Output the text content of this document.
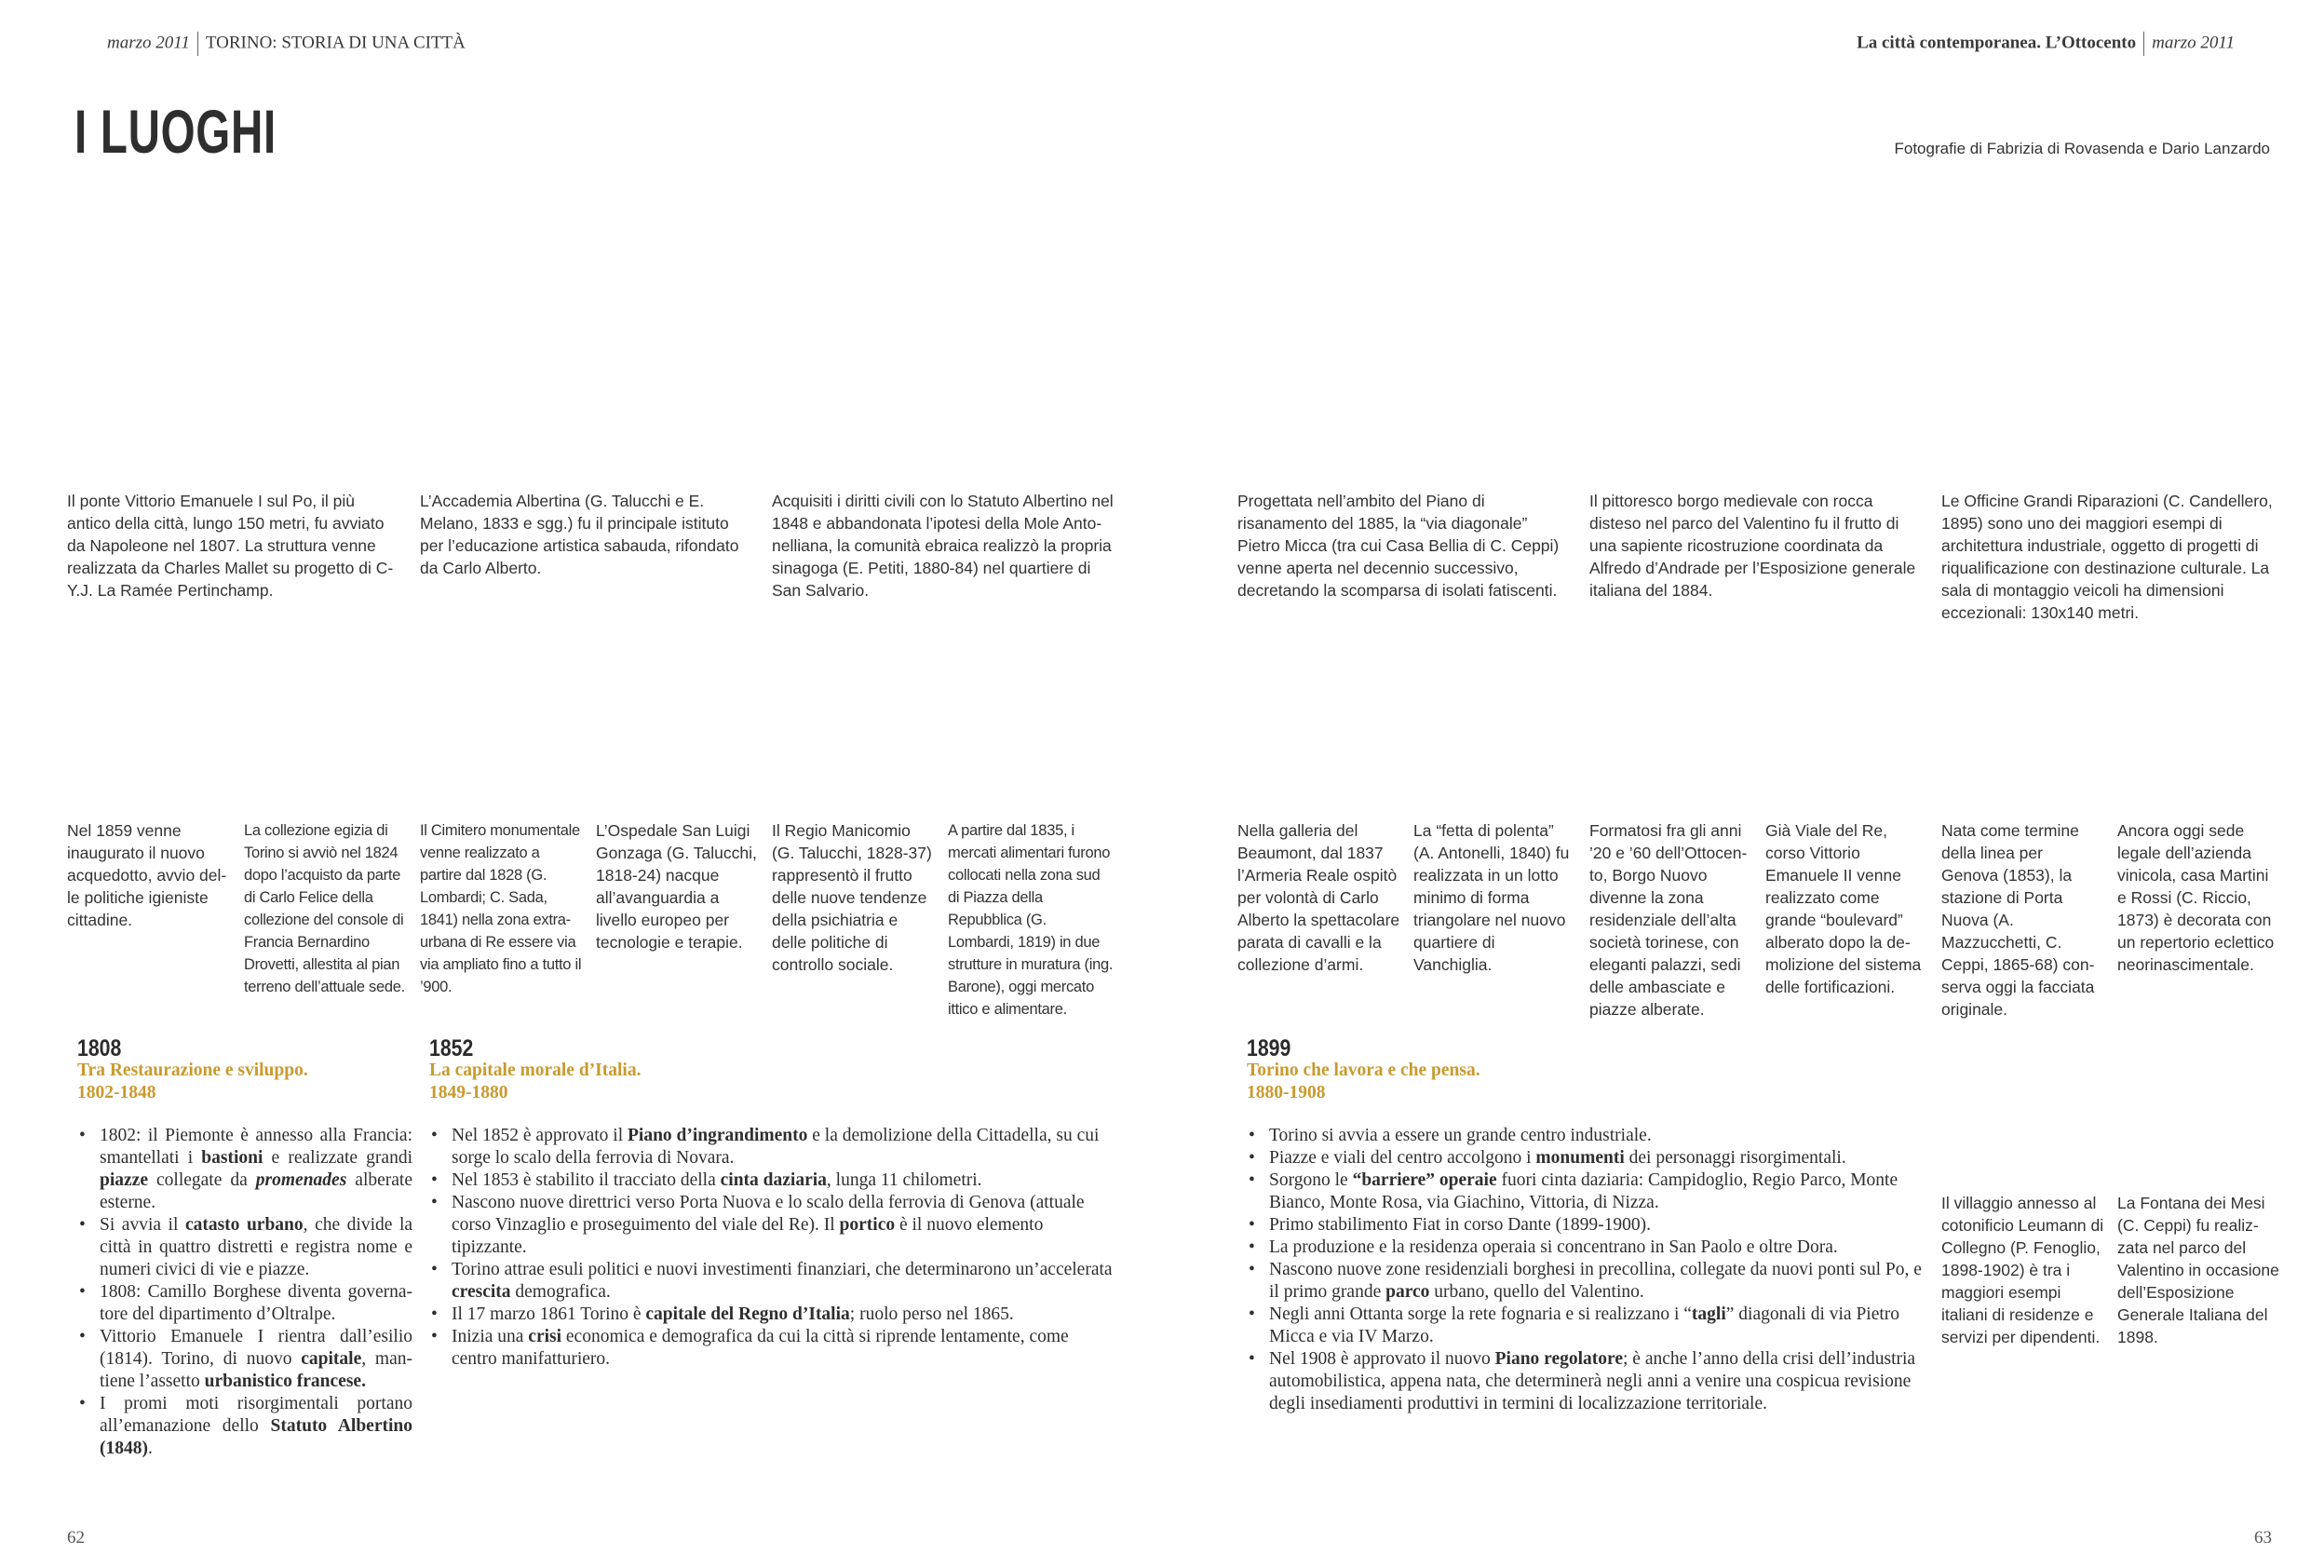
marzo 2011 TORINO: STORIA DI UNA CITTÀ	La città contemporanea. L’Ottocento marzo 2011
I LUOGHI	Fotografie di Fabrizia di Rovasenda e Dario Lanzardo

Il ponte Vittorio Emanuele I sul Po, il più antico della città, lungo 150 metri, fu avviato da Napoleone nel 1807. La struttura venne realizzata da Charles Mallet su progetto di C-Y.J. La Ramée Pertinchamp.

L’Accademia Albertina (G. Talucchi e E. Melano, 1833 e sgg.) fu il principale istituto per l’educazione artistica sabauda, rifondato da Carlo Alberto.

Acquisiti i diritti civili con lo Statuto Albertino nel 1848 e abbandonata l’ipotesi della Mole Antonelliana, la comunità ebraica realizzò la propria sinagoga (E. Petiti, 1880-84) nel quartiere di San Salvario.

Progettata nell’ambito del Piano di risanamento del 1885, la “via diagonale” Pietro Micca (tra cui Casa Bellia di C. Ceppi) venne aperta nel decennio successivo, decretando la scomparsa di isolati fatiscenti.

Il pittoresco borgo medievale con rocca disteso nel parco del Valentino fu il frutto di una sapiente ricostruzione coordinata da Alfredo d’Andrade per l’Esposizione generale italiana del 1884.

Le Officine Grandi Riparazioni (C. Candellero, 1895) sono uno dei maggiori esempi di architettura industriale, oggetto di progetti di riqualificazione con destinazione culturale. La sala di montaggio veicoli ha dimensioni eccezionali: 130x140 metri.

Nel 1859 venne inaugurato il nuovo acquedotto, avvio delle politiche igieniste cittadine.

La collezione egizia di Torino si avviò nel 1824 dopo l’acquisto da parte di Carlo Felice della collezione del console di Francia Bernardino Drovetti, allestita al pian terreno dell’attuale sede.

Il Cimitero monumentale venne realizzato a partire dal 1828 (G. Lombardi; C. Sada, 1841) nella zona extra-urbana di Re essere via via ampliato fino a tutto il ’900.

L’Ospedale San Luigi Gonzaga (G. Talucchi, 1818-24) nacque all’avanguardia a livello europeo per tecnologie e terapie.

Il Regio Manicomio (G. Talucchi, 1828-37) rappresentò il frutto delle nuove tendenze della psichiatria e delle politiche di controllo sociale.

A partire dal 1835, i mercati alimentari furono collocati nella zona sud di Piazza della Repubblica (G. Lombardi, 1819) in due strutture in muratura (ing. Barone), oggi mercato ittico e alimentare.

Nella galleria del Beaumont, dal 1837 l’Armeria Reale ospitò per volontà di Carlo Alberto la spettacolare parata di cavalli e la collezione d’armi.

La “fetta di polenta” (A. Antonelli, 1840) fu realizzata in un lotto minimo di forma triangolare nel nuovo quartiere di Vanchiglia.

Formatosi fra gli anni ’20 e ’60 dell’Ottocento, Borgo Nuovo divenne la zona residenziale dell’alta società torinese, con eleganti palazzi, sedi delle ambasciate e piazze alberate.

Già Viale del Re, corso Vittorio Emanuele II venne realizzato come grande “boulevard” alberato dopo la demolizione del sistema delle fortificazioni.

Nata come termine della linea per Genova (1853), la stazione di Porta Nuova (A. Mazzucchetti, C. Ceppi, 1865-68) conserva oggi la facciata originale.

Ancora oggi sede legale dell’azienda vinicola, casa Martini e Rossi (C. Riccio, 1873) è decorata con un repertorio eclettico neorinascimentale.

Il villaggio annesso al cotonificio Leumann di Collegno (P. Fenoglio, 1898-1902) è tra i maggiori esempi italiani di residenze e servizi per dipendenti.

La Fontana dei Mesi (C. Ceppi) fu realizzata nel parco del Valentino in occasione dell’Esposizione Generale Italiana del 1898.

1808
Tra Restaurazione e sviluppo.
1802-1848
• 1802: il Piemonte è annesso alla Francia: smantellati i bastioni e realizzate grandi piazze collegate da promenades alberate esterne.
• Si avvia il catasto urbano, che divide la città in quattro distretti e registra nome e numeri civici di vie e piazze.
• 1808: Camillo Borghese diventa governatore del dipartimento d’Oltralpe.
• Vittorio Emanuele I rientra dall’esilio (1814). Torino, di nuovo capitale, mantiene l’assetto urbanistico francese.
• I promi moti risorgimentali portano all’emanazione dello Statuto Albertino (1848).
1852
La capitale morale d’Italia.
1849-1880
• Nel 1852 è approvato il Piano d’ingrandimento e la demolizione della Cittadella, su cui sorge lo scalo della ferrovia di Novara.
• Nel 1853 è stabilito il tracciato della cinta daziaria, lunga 11 chilometri.
• Nascono nuove direttrici verso Porta Nuova e lo scalo della ferrovia di Genova (attuale corso Vinzaglio e proseguimento del viale del Re). Il portico è il nuovo elemento tipizzante.
• Torino attrae esuli politici e nuovi investimenti finanziari, che determinarono un’accelerata crescita demografica.
• Il 17 marzo 1861 Torino è capitale del Regno d’Italia; ruolo perso nel 1865.
• Inizia una crisi economica e demografica da cui la città si riprende lentamente, come centro manifatturiero.
1899
Torino che lavora e che pensa.
1880-1908
• Torino si avvia a essere un grande centro industriale.
• Piazze e viali del centro accolgono i monumenti dei personaggi risorgimentali.
• Sorgono le “barriere” operaie fuori cinta daziaria: Campidoglio, Regio Parco, Monte Bianco, Monte Rosa, via Giachino, Vittoria, di Nizza.
• Primo stabilimento Fiat in corso Dante (1899-1900).
• La produzione e la residenza operaia si concentrano in San Paolo e oltre Dora.
• Nascono nuove zone residenziali borghesi in precollina, collegate da nuovi ponti sul Po, e il primo grande parco urbano, quello del Valentino.
• Negli anni Ottanta sorge la rete fognaria e si realizzano i “tagli” diagonali di via Pietro Micca e via IV Marzo.
• Nel 1908 è approvato il nuovo Piano regolatore; è anche l’anno della crisi dell’industria automobilistica, appena nata, che determinerà negli anni a venire una cospicua revisione degli insediamenti produttivi in termini di localizzazione territoriale.
62	63
